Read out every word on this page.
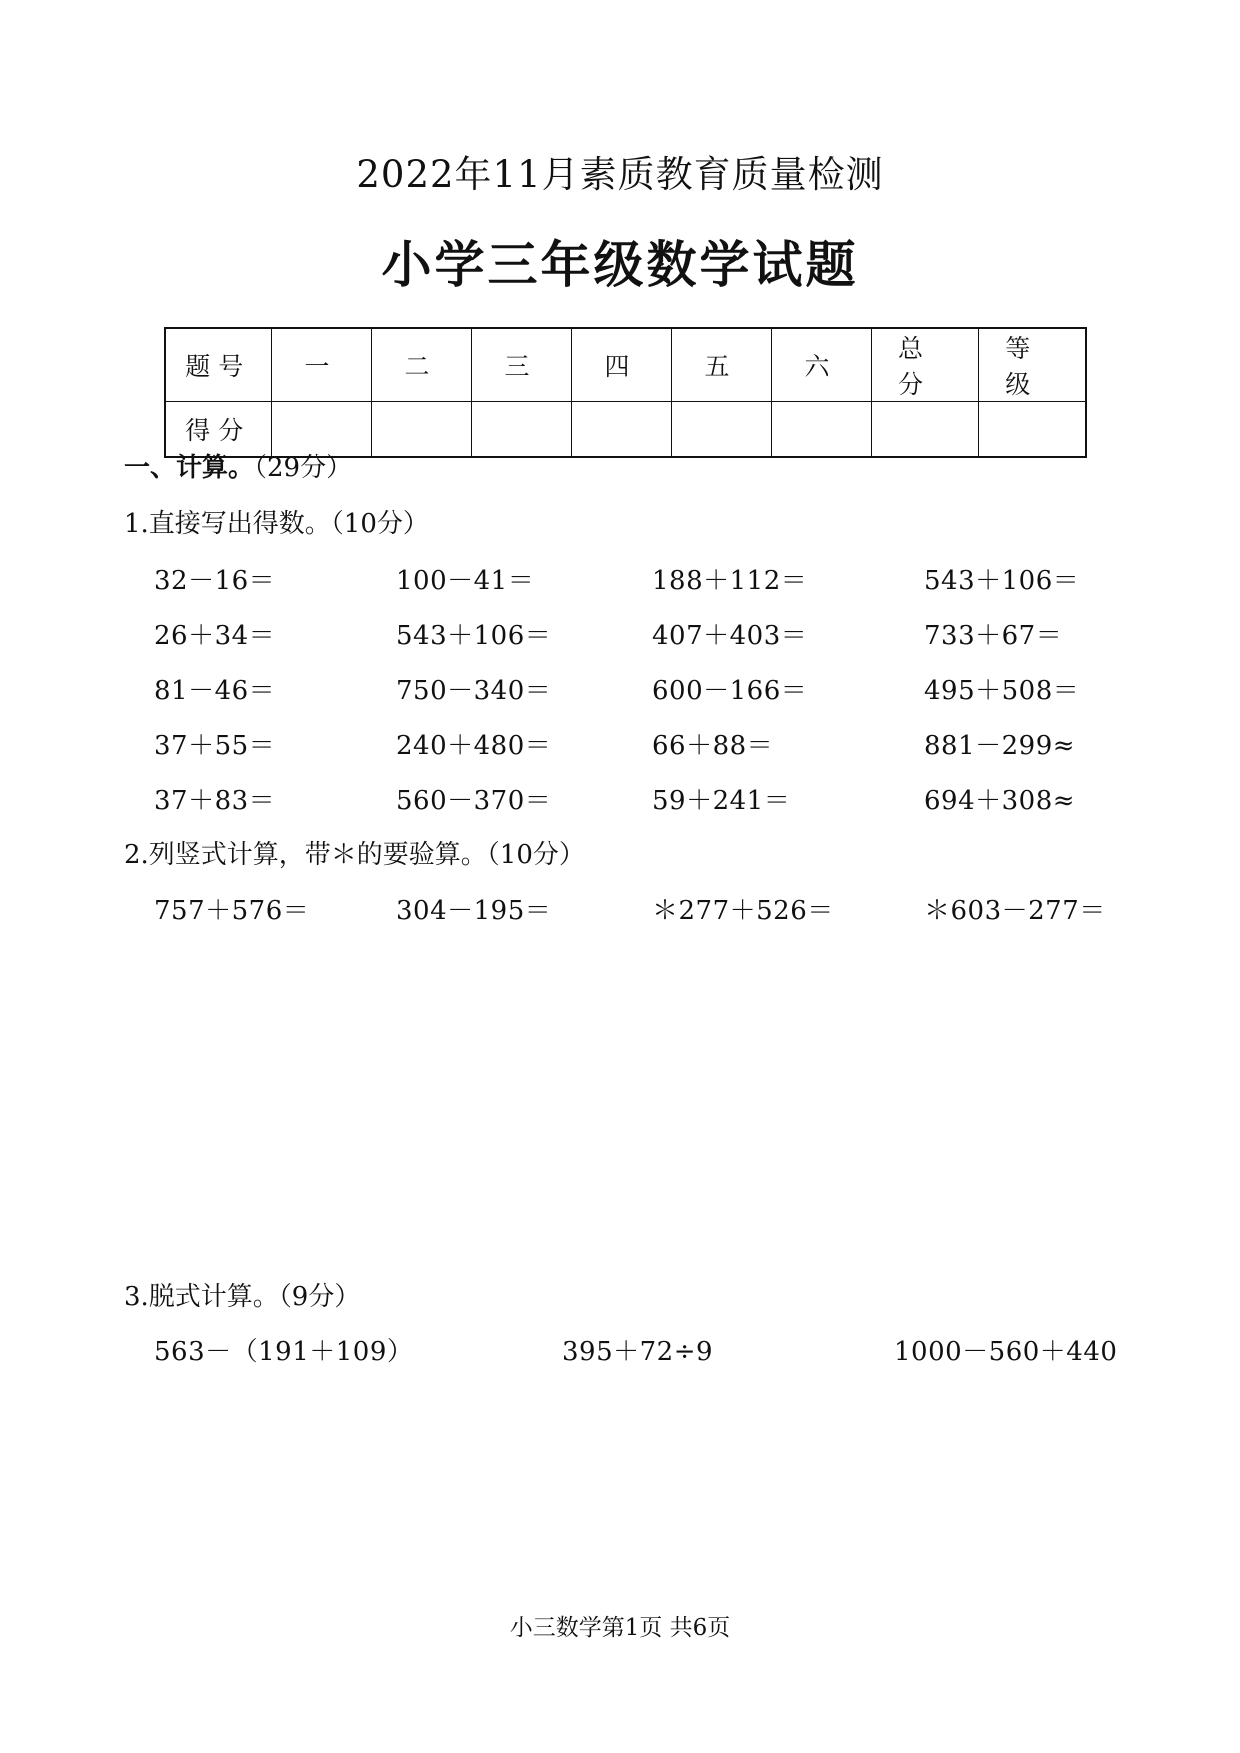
2022年11月素质教育质量检测
小学三年级数学试题
题号	一	二	三	四	五	六	总 分	等 级
得分								
一、计算。（29分）
1.直接写出得数。（10分）
32－16＝	100－41＝	188＋112＝	543＋106＝
26＋34＝	543＋106＝	407＋403＝	733＋67＝
81－46＝	750－340＝	600－166＝	495＋508＝
37＋55＝	240＋480＝	66＋88＝	881－299≈
37＋83＝	560－370＝	59＋241＝	694＋308≈
2.列竖式计算，带＊的要验算。（10分）
757＋576＝	304－195＝	＊277＋526＝	＊603－277＝
3.脱式计算。（9分）
563－（191＋109）	395＋72÷9	1000－560＋440
小三数学第1页 共6页
